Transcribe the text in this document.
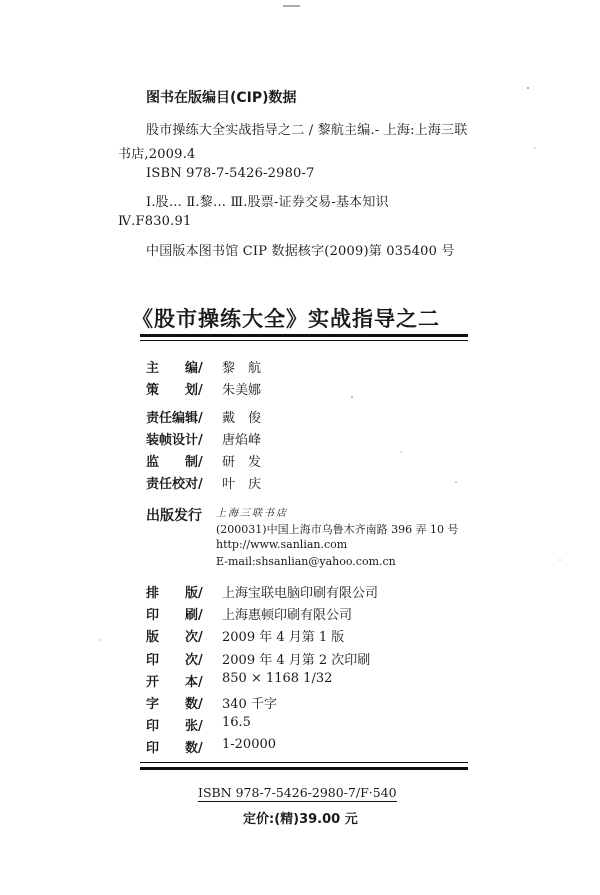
图书在版编目(CIP)数据
股市操练大全实战指导之二 / 黎航主编.- 上海:上海三联
书店,2009.4
ISBN 978-7-5426-2980-7
Ⅰ.股… Ⅱ.黎… Ⅲ.股票-证券交易-基本知识
Ⅳ.F830.91
中国版本图书馆 CIP 数据核字(2009)第 035400 号
《股市操练大全》实战指导之二
主　　编/ 黎　航
策　　划/ 朱美娜
责任编辑/ 戴　俊
装帧设计/ 唐焰峰
监　　制/ 研　发
责任校对/ 叶　庆
出版发行 上海三联书店
(200031)中国上海市乌鲁木齐南路 396 弄 10 号
http://www.sanlian.com
E-mail:shsanlian@yahoo.com.cn
排　　版/ 上海宝联电脑印刷有限公司
印　　刷/ 上海惠顿印刷有限公司
版　　次/ 2009 年 4 月第 1 版
印　　次/ 2009 年 4 月第 2 次印刷
开　　本/ 850 × 1168 1/32
字　　数/ 340 千字
印　　张/ 16.5
印　　数/ 1-20000
ISBN 978-7-5426-2980-7/F·540
定价:(精)39.00 元
